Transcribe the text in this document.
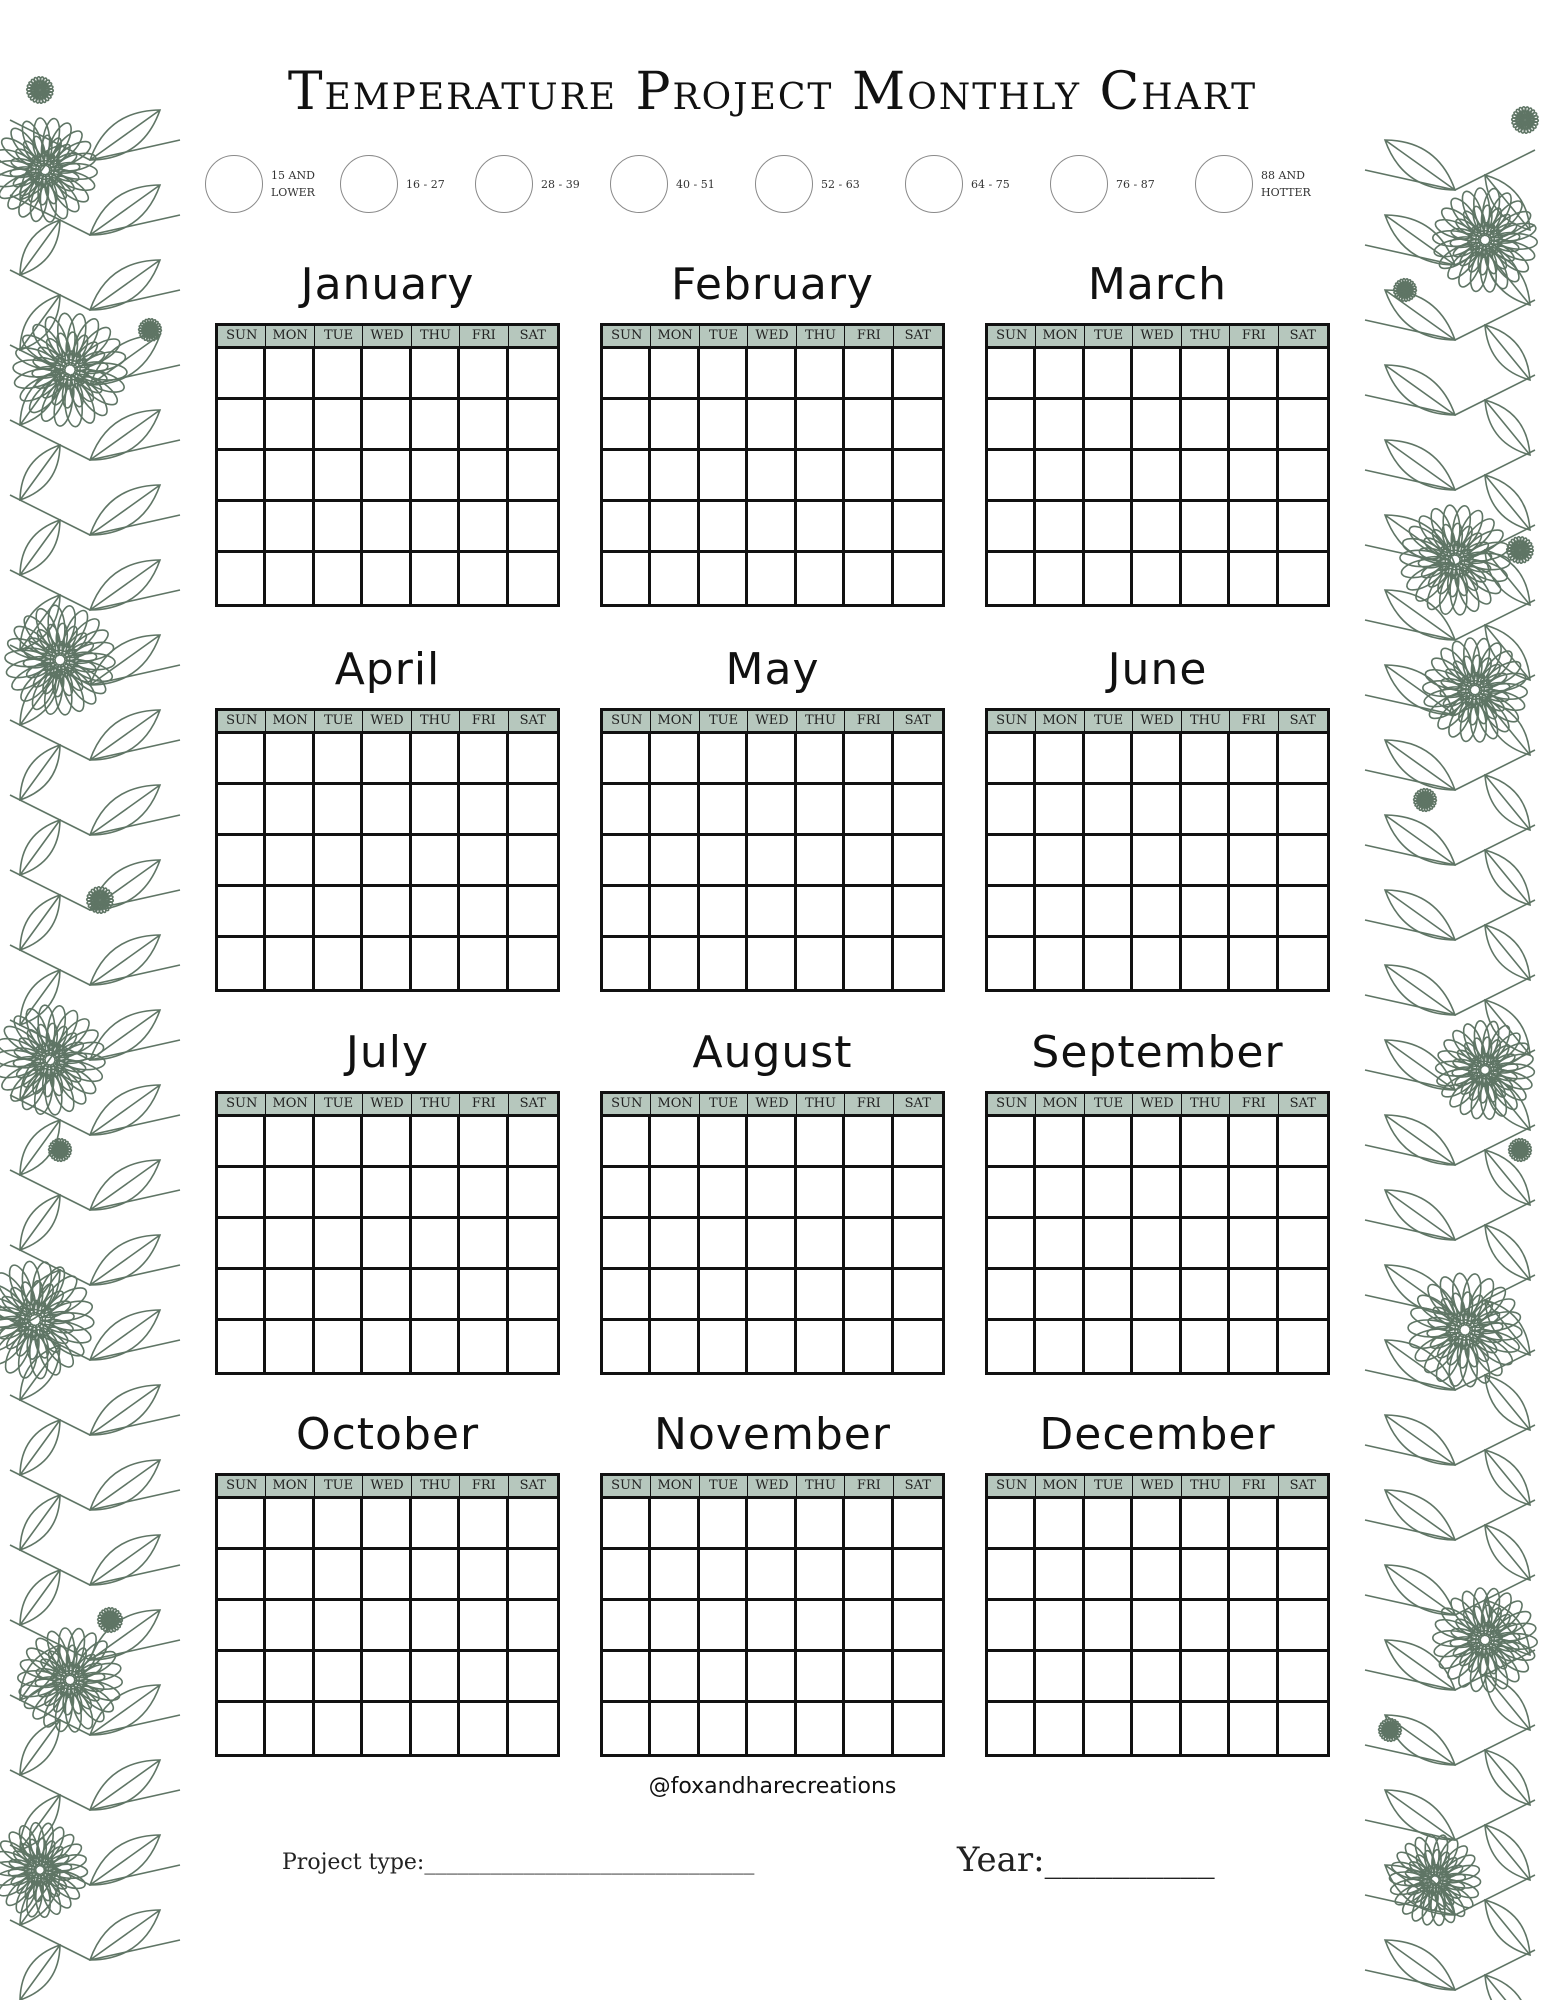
Temperature Project Monthly Chart
15 AND
LOWER
16 - 27	28 - 39	40 - 51	52 - 63	64 - 75	76 - 87
88 AND
HOTTER
January
SUN	MON	TUE	WED	THU	FRI	SAT
February
SUN	MON	TUE	WED	THU	FRI	SAT
March
SUN	MON	TUE	WED	THU	FRI	SAT
April
SUN	MON	TUE	WED	THU	FRI	SAT
May
SUN	MON	TUE	WED	THU	FRI	SAT
June
SUN	MON	TUE	WED	THU	FRI	SAT
July
SUN	MON	TUE	WED	THU	FRI	SAT
August
SUN	MON	TUE	WED	THU	FRI	SAT
September
SUN	MON	TUE	WED	THU	FRI	SAT
October
SUN	MON	TUE	WED	THU	FRI	SAT
November
SUN	MON	TUE	WED	THU	FRI	SAT
December
SUN	MON	TUE	WED	THU	FRI	SAT
@foxandharecreations
Project type:______________________________	Year:__________
